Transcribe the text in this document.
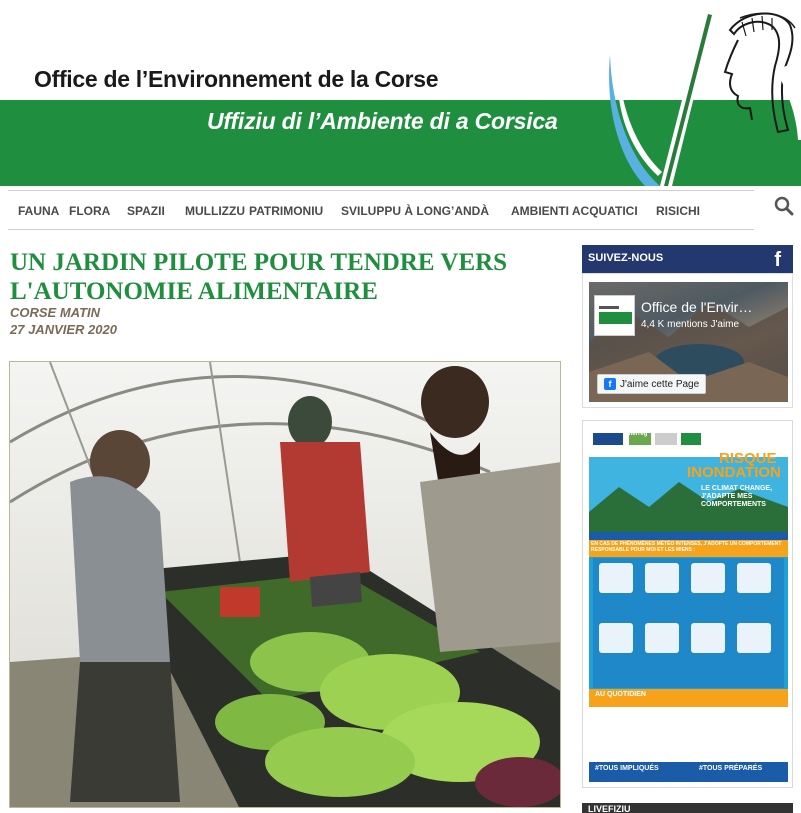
Office de l’Environnement de la Corse
Uffiziu di l’Ambiente di a Corsica
FAUNA FLORA SPAZII MULLIZZU PATRIMONIU SVILUPPU À LONG’ANDÀ AMBIENTI ACQUATICI RISICHI
UN JARDIN PILOTE POUR TENDRE VERS L'AUTONOMIE ALIMENTAIRE
CORSE MATIN
27 JANVIER 2020
SUIVEZ-NOUS	f
Office de l'Envir…
4,4 K mentions J'aime
f J'aime cette Page
RISQUE
INONDATION
LE CLIMAT CHANGE, J'ADAPTE MES COMPORTEMENTS
EN CAS DE PHÉNOMÈNES MÉTÉO INTENSES, J'ADOPTE UN COMPORTEMENT RESPONSABLE POUR MOI ET LES MIENS :
AU QUOTIDIEN
#TOUS IMPLIQUÉS	#TOUS PRÉPARÉS
interreg
LIVEFIZIU
